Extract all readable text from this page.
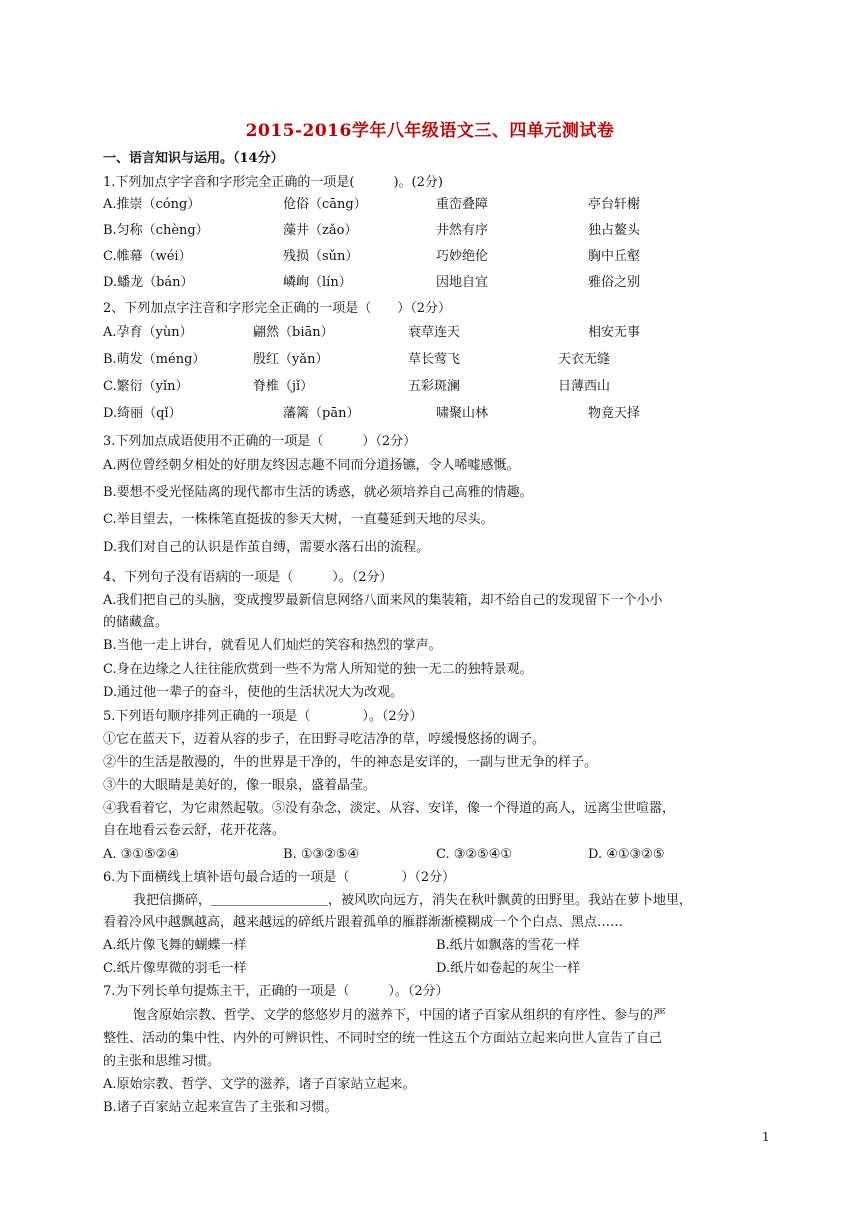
2015-2016学年八年级语文三、四单元测试卷
一、语言知识与运用。（14分）
1.下列加点字字音和字形完全正确的一项是(　　　)。(2分)
A.推崇（cóng）	伧俗（cāng）	重峦叠障	亭台轩榭
B.匀称（chèng）	藻井（zǎo）	井然有序	独占鳌头
C.帷幕（wéi）	残损（sǔn）	巧妙绝伦	胸中丘壑
D.蟠龙（bán）	嶙峋（lín）	因地自宜	雅俗之别
2、下列加点字注音和字形完全正确的一项是（　　）（2分）
A.孕育（yùn）	翩然（biān）	衰草连天	相安无事
B.萌发（méng）	殷红（yǎn）	草长莺飞	天衣无缝
C.繁衍（yǐn）	脊椎（jǐ）	五彩斑澜	日薄西山
D.绮丽（qǐ）	藩篱（pān）	啸聚山林	物竟天择
3.下列加点成语使用不正确的一项是（　　　）（2分）
A.两位曾经朝夕相处的好朋友终因志趣不同而分道扬镳，令人唏嘘感慨。
B.要想不受光怪陆离的现代都市生活的诱惑，就必须培养自己高雅的情趣。
C.举目望去，一株株笔直挺拔的参天大树，一直蔓延到天地的尽头。
D.我们对自己的认识是作茧自缚，需要水落石出的流程。
4、下列句子没有语病的一项是（　　　）。（2分）
A.我们把自己的头脑，变成搜罗最新信息网络八面来风的集装箱，却不给自己的发现留下一个小小
的储藏盒。
B.当他一走上讲台，就看见人们灿烂的笑容和热烈的掌声。
C.身在边缘之人往往能欣赏到一些不为常人所知觉的独一无二的独特景观。
D.通过他一辈子的奋斗，使他的生活状况大为改观。
5.下列语句顺序排列正确的一项是（　　　　）。（2分）
①它在蓝天下，迈着从容的步子，在田野寻吃洁净的草，哼缓慢悠扬的调子。
②牛的生活是散漫的，牛的世界是干净的，牛的神态是安详的，一副与世无争的样子。
③牛的大眼睛是美好的，像一眼泉，盛着晶莹。
④我看着它，为它肃然起敬。⑤没有杂念，淡定、从容、安详，像一个得道的高人，远离尘世喧嚣，
自在地看云卷云舒，花开花落。
A. ③①⑤②④	B. ①③②⑤④	C. ③②⑤④①	D. ④①③②⑤
6.为下面横线上填补语句最合适的一项是（　　　　）（2分）
我把信撕碎，＿＿＿＿＿＿＿＿＿，被风吹向远方，消失在秋叶飘黄的田野里。我站在萝卜地里，
看着冷风中越飘越高，越来越远的碎纸片跟着孤单的雁群渐渐模糊成一个个白点、黑点……
A.纸片像飞舞的蝴蝶一样	B.纸片如飘落的雪花一样
C.纸片像卑微的羽毛一样	D.纸片如卷起的灰尘一样
7.为下列长单句提炼主干，正确的一项是（　　　）。（2分）
饱含原始宗教、哲学、文学的悠悠岁月的滋养下，中国的诸子百家从组织的有序性、参与的严
整性、活动的集中性、内外的可辨识性、不同时空的统一性这五个方面站立起来向世人宣告了自己
的主张和思维习惯。
A.原始宗教、哲学、文学的滋养，诸子百家站立起来。
B.诸子百家站立起来宣告了主张和习惯。
1
